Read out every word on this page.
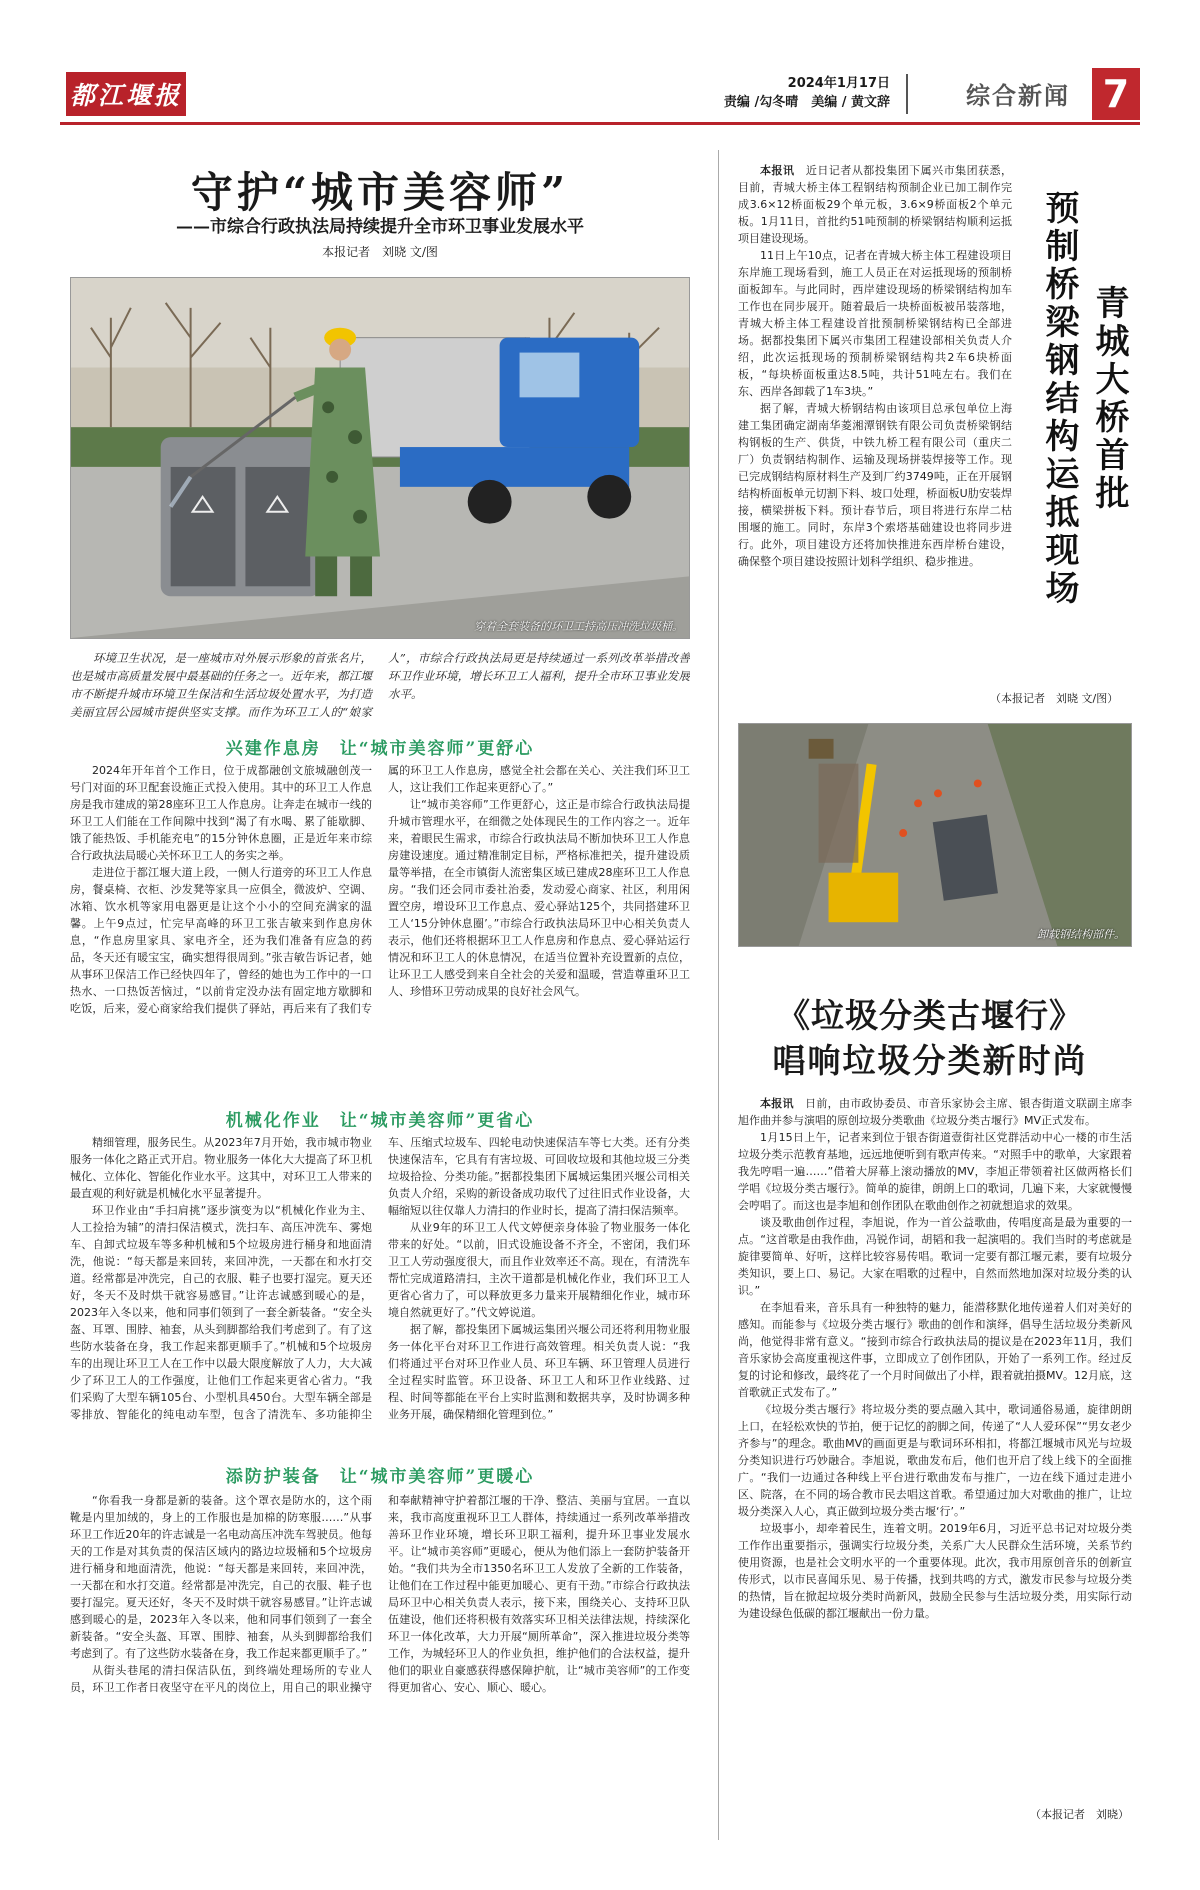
都江堰报	2024年1月17日
责编 /勾冬晴　美编 / 黄文辞	综合新闻 7
守护“城市美容师”
——市综合行政执法局持续提升全市环卫事业发展水平
本报记者　刘晓 文/图
穿着全套装备的环卫工持高压冲洗垃圾桶。

环境卫生状况，是一座城市对外展示形象的首张名片，也是城市高质量发展中最基础的任务之一。近年来，都江堰市不断提升城市环境卫生保洁和生活垃圾处置水平，为打造美丽宜居公园城市提供坚实支撑。而作为环卫工人的“娘家人”，市综合行政执法局更是持续通过一系列改革举措改善环卫作业环境，增长环卫工人福利，提升全市环卫事业发展水平。

兴建作息房　让“城市美容师”更舒心

2024年开年首个工作日，位于成都融创文旅城融创茂一号门对面的环卫配套设施正式投入使用。其中的环卫工人作息房是我市建成的第28座环卫工人作息房。让奔走在城市一线的环卫工人们能在工作间隙中找到“渴了有水喝、累了能歇脚、饿了能热饭、手机能充电”的15分钟休息圈，正是近年来市综合行政执法局暖心关怀环卫工人的务实之举。

走进位于都江堰大道上段，一侧人行道旁的环卫工人作息房，餐桌椅、衣柜、沙发凳等家具一应俱全，微波炉、空调、冰箱、饮水机等家用电器更是让这个小小的空间充满家的温馨。上午9点过，忙完早高峰的环卫工张吉敏来到作息房休息，“作息房里家具、家电齐全，还为我们准备有应急的药品，冬天还有暖宝宝，确实想得很周到。”张吉敏告诉记者，她从事环卫保洁工作已经快四年了，曾经的她也为工作中的一口热水、一口热饭苦恼过，“以前肯定没办法有固定地方歇脚和吃饭，后来，爱心商家给我们提供了驿站，再后来有了我们专属的环卫工人作息房，感觉全社会都在关心、关注我们环卫工人，这让我们工作起来更舒心了。”

让“城市美容师”工作更舒心，这正是市综合行政执法局提升城市管理水平，在细微之处体现民生的工作内容之一。近年来，着眼民生需求，市综合行政执法局不断加快环卫工人作息房建设速度。通过精准制定目标，严格标准把关，提升建设质量等举措，在全市镇街人流密集区域已建成28座环卫工人作息房。“我们还会同市委社治委，发动爱心商家、社区，利用闲置空房，增设环卫工作息点、爱心驿站125个，共同搭建环卫工人‘15分钟休息圈’。”市综合行政执法局环卫中心相关负责人表示，他们还将根据环卫工人作息房和作息点、爱心驿站运行情况和环卫工人的休息情况，在适当位置补充设置新的点位，让环卫工人感受到来自全社会的关爱和温暖，营造尊重环卫工人、珍惜环卫劳动成果的良好社会风气。

机械化作业　让“城市美容师”更省心

精细管理，服务民生。从2023年7月开始，我市城市物业服务一体化之路正式开启。物业服务一体化大大提高了环卫机械化、立体化、智能化作业水平。这其中，对环卫工人带来的最直观的利好就是机械化水平显著提升。

环卫作业由“手扫肩挑”逐步演变为以“机械化作业为主、人工捡拾为辅”的清扫保洁模式，洗扫车、高压冲洗车、雾炮车、自卸式垃圾车等多种机械和5个垃圾房进行桶身和地面清洗，他说：“每天都是来回转，来回冲洗，一天都在和水打交道。经常都是冲洗完，自己的衣服、鞋子也要打湿完。夏天还好，冬天不及时烘干就容易感冒。”让许志诚感到暖心的是，2023年入冬以来，他和同事们领到了一套全新装备。“安全头盔、耳罩、围脖、袖套，从头到脚都给我们考虑到了。有了这些防水装备在身，我工作起来都更顺手了。”机械和5个垃圾房车的出现让环卫工人在工作中以最大限度解放了人力，大大减少了环卫工人的工作强度，让他们工作起来更省心省力。“我们采购了大型车辆105台、小型机具450台。大型车辆全部是零排放、智能化的纯电动车型，包含了清洗车、多功能抑尘车、压缩式垃圾车、四轮电动快速保洁车等七大类。还有分类快速保洁车，它具有有害垃圾、可回收垃圾和其他垃圾三分类垃圾拾捡、分类功能。”据都投集团下属城运集团兴堰公司相关负责人介绍，采购的新设备成功取代了过往旧式作业设备，大幅缩短以往仅靠人力清扫的作业时长，提高了清扫保洁频率。

从业9年的环卫工人代文婷便亲身体验了物业服务一体化带来的好处。“以前，旧式设施设备不齐全，不密闭，我们环卫工人劳动强度很大，而且作业效率还不高。现在，有清洗车帮忙完成道路清扫，主次干道都是机械化作业，我们环卫工人更省心省力了，可以释放更多力量来开展精细化作业，城市环境自然就更好了。”代文婷说道。

据了解，都投集团下属城运集团兴堰公司还将利用物业服务一体化平台对环卫工作进行高效管理。相关负责人说：“我们将通过平台对环卫作业人员、环卫车辆、环卫管理人员进行全过程实时监管。环卫设备、环卫工人和环卫作业线路、过程、时间等都能在平台上实时监测和数据共享，及时协调多种业务开展，确保精细化管理到位。”

添防护装备　让“城市美容师”更暖心

“你看我一身都是新的装备。这个罩衣是防水的，这个雨靴是内里加绒的，身上的工作服也是加棉的防寒服……”从事环卫工作近20年的许志诚是一名电动高压冲洗车驾驶员。他每天的工作是对其负责的保洁区域内的路边垃圾桶和5个垃圾房进行桶身和地面清洗，他说：“每天都是来回转，来回冲洗，一天都在和水打交道。经常都是冲洗完，自己的衣服、鞋子也要打湿完。夏天还好，冬天不及时烘干就容易感冒。”让许志诚感到暖心的是，2023年入冬以来，他和同事们领到了一套全新装备。“安全头盔、耳罩、围脖、袖套，从头到脚都给我们考虑到了。有了这些防水装备在身，我工作起来都更顺手了。”

从街头巷尾的清扫保洁队伍，到终端处理场所的专业人员，环卫工作者日夜坚守在平凡的岗位上，用自己的职业操守和奉献精神守护着都江堰的干净、整洁、美丽与宜居。一直以来，我市高度重视环卫工人群体，持续通过一系列改革举措改善环卫作业环境，增长环卫职工福利，提升环卫事业发展水平。让“城市美容师”更暖心，便从为他们添上一套防护装备开始。“我们共为全市1350名环卫工人发放了全新的工作装备，让他们在工作过程中能更加暖心、更有干劲。”市综合行政执法局环卫中心相关负责人表示，接下来，围绕关心、支持环卫队伍建设，他们还将积极有效落实环卫相关法律法规，持续深化环卫一体化改革，大力开展“厕所革命”，深入推进垃圾分类等工作，为城轻环卫人的作业负担，维护他们的合法权益，提升他们的职业自豪感获得感保障护航，让“城市美容师”的工作变得更加省心、安心、顺心、暖心。

青城大桥首批
预制桥梁钢结构运抵现场

本报讯　 近日记者从都投集团下属兴市集团获悉，目前，青城大桥主体工程钢结构预制企业已加工制作完成3.6×12桥面板29个单元板，3.6×9桥面板2个单元板。1月11日，首批约51吨预制的桥梁钢结构顺利运抵项目建设现场。

11日上午10点，记者在青城大桥主体工程建设项目东岸施工现场看到，施工人员正在对运抵现场的预制桥面板卸车。与此同时，西岸建设现场的桥梁钢结构加车工作也在同步展开。随着最后一块桥面板被吊装落地，青城大桥主体工程建设首批预制桥梁钢结构已全部进场。据都投集团下属兴市集团工程建设部相关负责人介绍，此次运抵现场的预制桥梁钢结构共2车6块桥面板，“每块桥面板重达8.5吨，共计51吨左右。我们在东、西岸各卸载了1车3块。”

据了解，青城大桥钢结构由该项目总承包单位上海建工集团确定湖南华菱湘潭钢铁有限公司负责桥梁钢结构钢板的生产、供货，中铁九桥工程有限公司（重庆二厂）负责钢结构制作、运输及现场拼装焊接等工作。现已完成钢结构原材料生产及到厂约3749吨，正在开展钢结构桥面板单元切割下料、坡口处理，桥面板U肋安装焊接，横梁拼板下料。预计春节后，项目将进行东岸二枯围堰的施工。同时，东岸3个索塔基础建设也将同步进行。此外，项目建设方还将加快推进东西岸桥台建设，确保整个项目建设按照计划科学组织、稳步推进。

（本报记者　刘晓 文/图）
卸载钢结构部件。
《垃圾分类古堰行》
唱响垃圾分类新时尚

本报讯　 日前，由市政协委员、市音乐家协会主席、银杏街道文联副主席李旭作曲并参与演唱的原创垃圾分类歌曲《垃圾分类古堰行》MV正式发布。

1月15日上午，记者来到位于银杏街道壹街社区党群活动中心一楼的市生活垃圾分类示范教育基地，远远地便听到有歌声传来。“对照手中的歌单，大家跟着我先哼唱一遍……”借着大屏幕上滚动播放的MV，李旭正带领着社区做两格长们学唱《垃圾分类古堰行》。简单的旋律，朗朗上口的歌词，几遍下来，大家就慢慢会哼唱了。而这也是李旭和创作团队在歌曲创作之初就想追求的效果。

谈及歌曲创作过程，李旭说，作为一首公益歌曲，传唱度高是最为重要的一点。“这首歌是由我作曲，冯锐作词，胡韬和我一起演唱的。我们当时的考虑就是旋律要简单、好听，这样比较容易传唱。歌词一定要有都江堰元素，要有垃圾分类知识，要上口、易记。大家在唱歌的过程中，自然而然地加深对垃圾分类的认识。”

在李旭看来，音乐具有一种独特的魅力，能潜移默化地传递着人们对美好的感知。而能参与《垃圾分类古堰行》歌曲的创作和演绎，倡导生活垃圾分类新风尚，他觉得非常有意义。“接到市综合行政执法局的提议是在2023年11月，我们音乐家协会高度重视这件事，立即成立了创作团队，开始了一系列工作。经过反复的讨论和修改，最终花了一个月时间做出了小样，跟着就拍摄MV。12月底，这首歌就正式发布了。”

《垃圾分类古堰行》将垃圾分类的要点融入其中，歌词通俗易通，旋律朗朗上口，在轻松欢快的节拍，便于记忆的韵脚之间，传递了“人人爱环保”“男女老少齐参与”的理念。歌曲MV的画面更是与歌词环环相扣，将都江堰城市风光与垃圾分类知识进行巧妙融合。李旭说，歌曲发布后，他们也开启了线上线下的全面推广。“我们一边通过各种线上平台进行歌曲发布与推广，一边在线下通过走进小区、院落，在不同的场合教市民去唱这首歌。希望通过加大对歌曲的推广，让垃圾分类深入人心，真正做到垃圾分类古堰‘行’。”

垃圾事小，却牵着民生，连着文明。2019年6月，习近平总书记对垃圾分类工作作出重要指示，强调实行垃圾分类，关系广大人民群众生活环境，关系节约使用资源，也是社会文明水平的一个重要体现。此次，我市用原创音乐的创新宣传形式，以市民喜闻乐见、易于传播，找到共鸣的方式，激发市民参与垃圾分类的热情，旨在掀起垃圾分类时尚新风，鼓励全民参与生活垃圾分类，用实际行动为建设绿色低碳的都江堰献出一份力量。

（本报记者　刘晓）
